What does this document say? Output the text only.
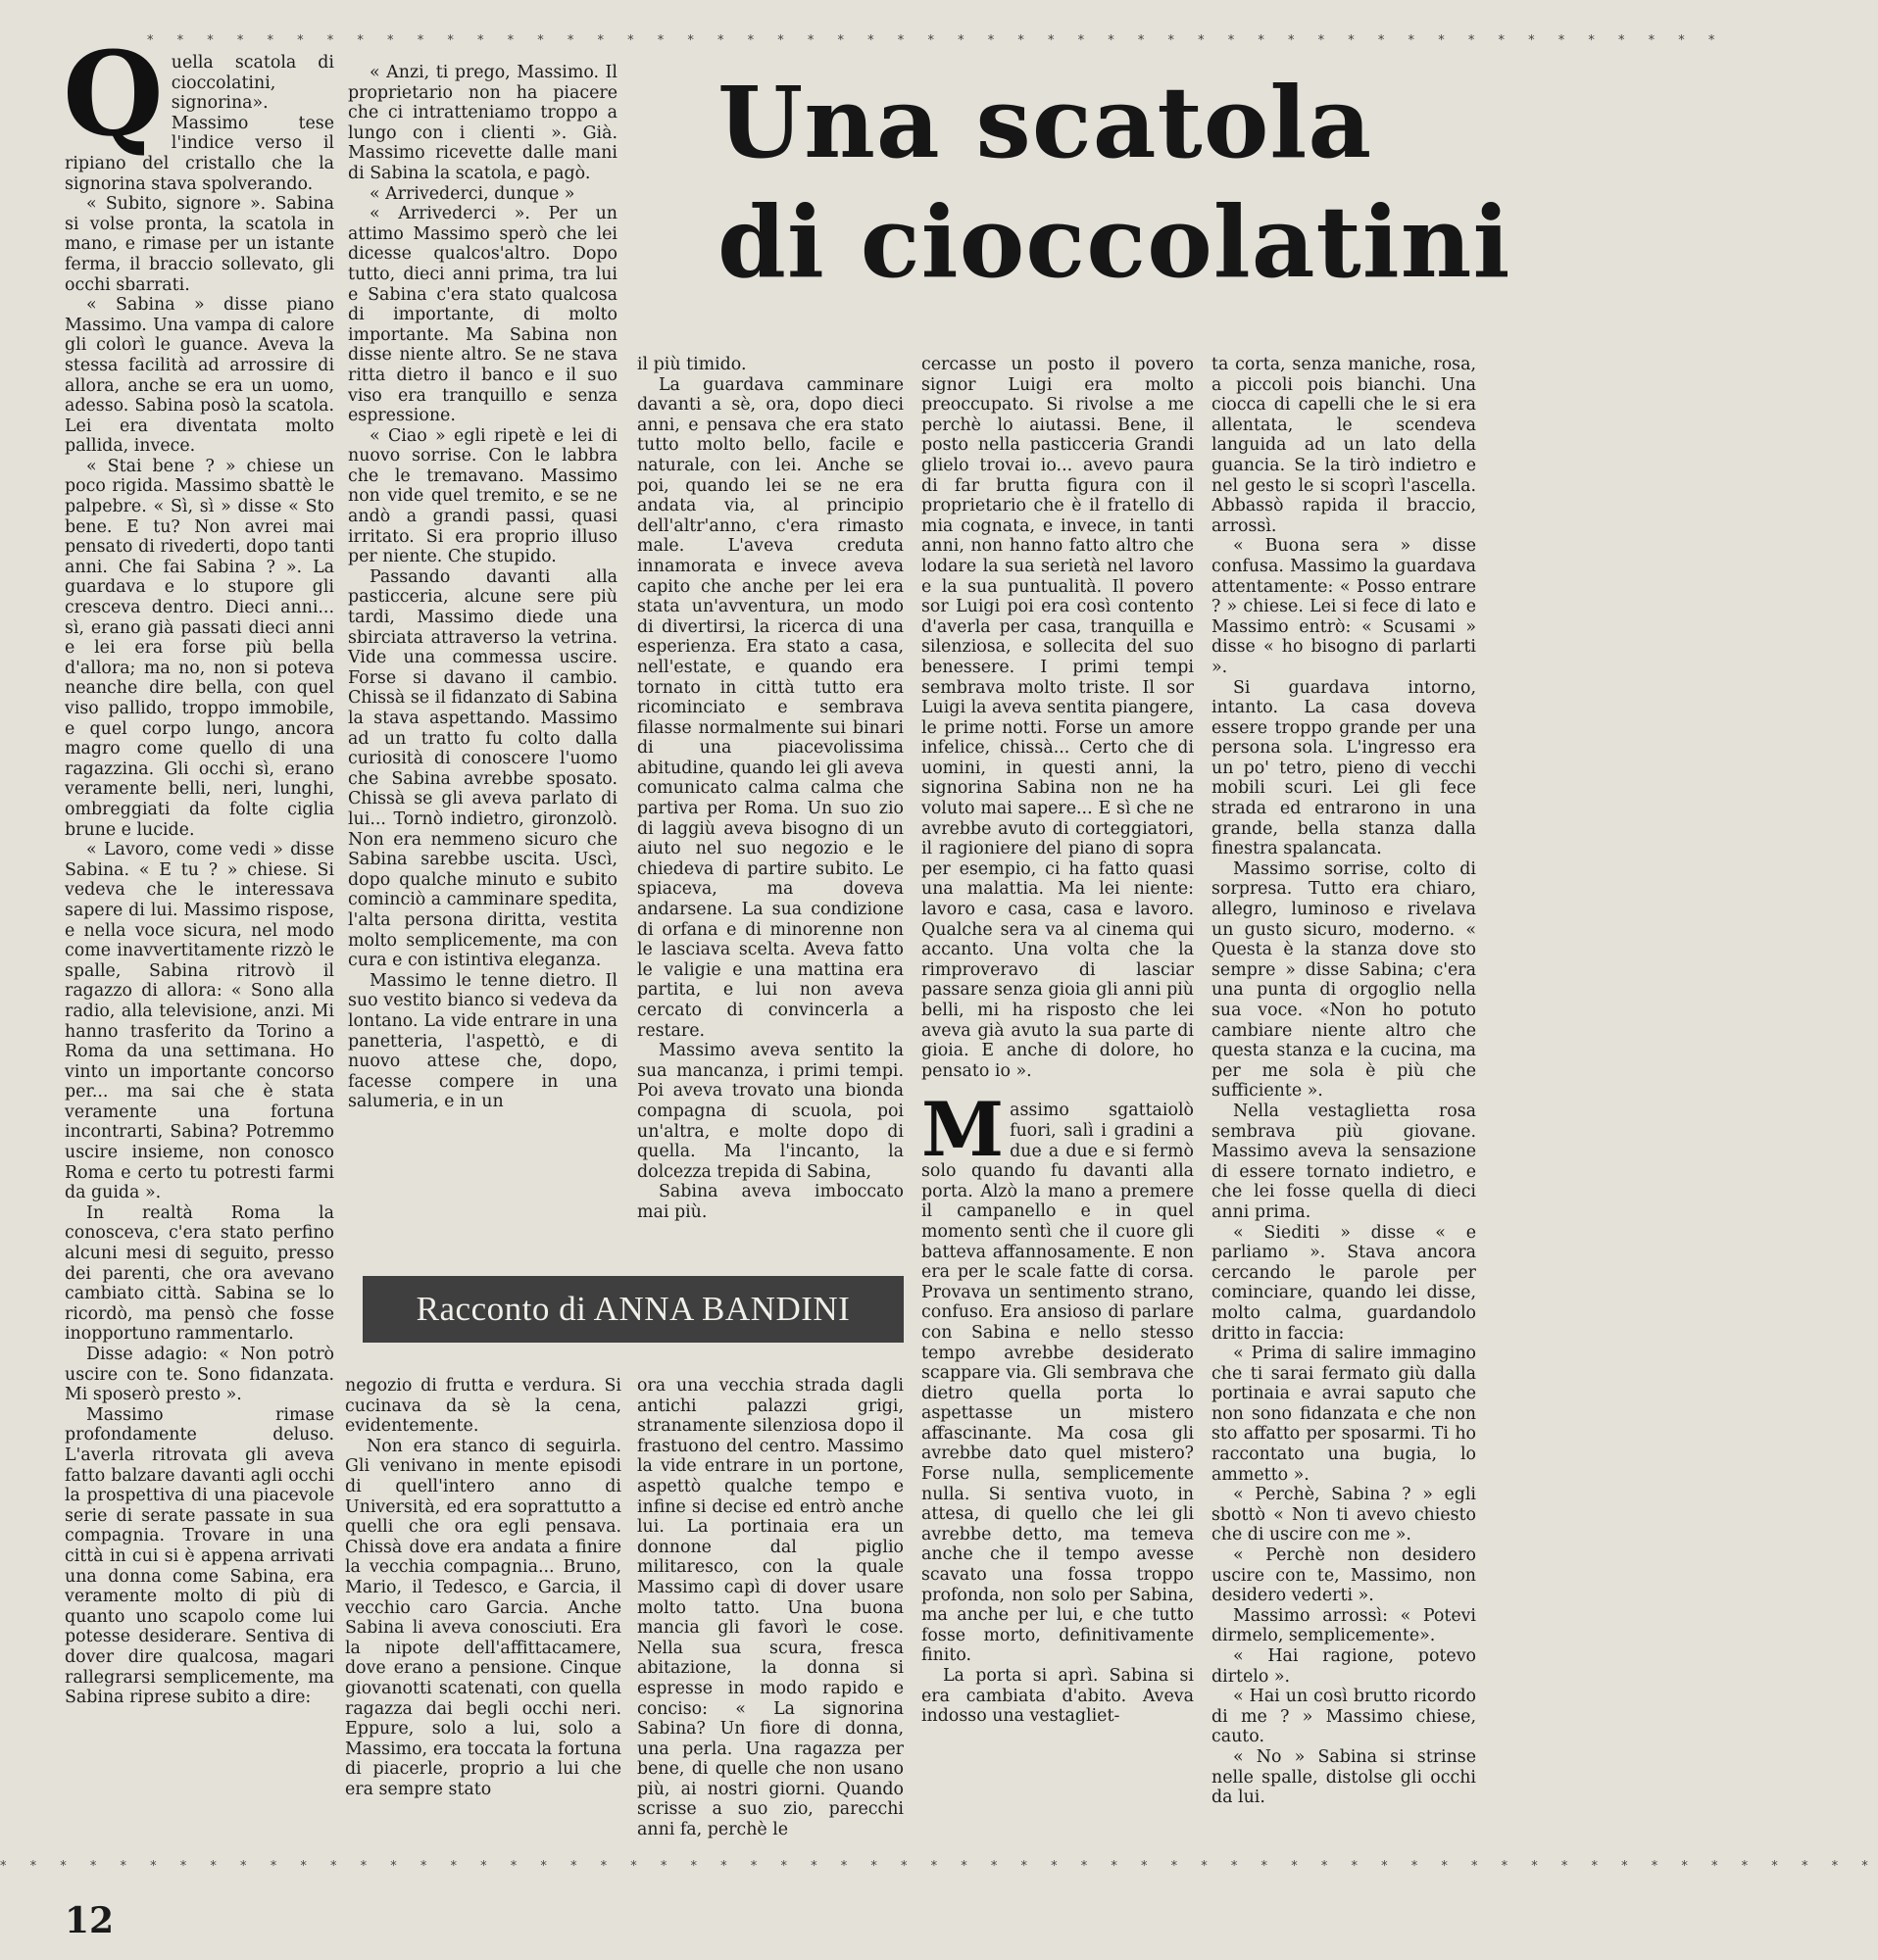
* * * * * * * * * * * * * * * * * * * * * * * * * * * * * * * * * * * * * * * * * * * * * * * * * * * * *
Una scatola
di cioccolatini

Quella scatola di cioccolatini, signorina». Massimo tese l'indice verso il ripiano del cristallo che la signorina stava spolverando.

« Subito, signore ». Sabina si volse pronta, la scatola in mano, e rimase per un istante ferma, il braccio sollevato, gli occhi sbarrati.

« Sabina » disse piano Massimo. Una vampa di calore gli colorì le guance. Aveva la stessa facilità ad arrossire di allora, anche se era un uomo, adesso. Sabina posò la scatola. Lei era diventata molto pallida, invece.

« Stai bene ? » chiese un poco rigida. Massimo sbattè le palpebre. « Sì, sì » disse « Sto bene. E tu? Non avrei mai pensato di rivederti, dopo tanti anni. Che fai Sabina ? ». La guardava e lo stupore gli cresceva dentro. Dieci anni... sì, erano già passati dieci anni e lei era forse più bella d'allora; ma no, non si poteva neanche dire bella, con quel viso pallido, troppo immobile, e quel corpo lungo, ancora magro come quello di una ragazzina. Gli occhi sì, erano veramente belli, neri, lunghi, ombreggiati da folte ciglia brune e lucide.

« Lavoro, come vedi » disse Sabina. « E tu ? » chiese. Si vedeva che le interessava sapere di lui. Massimo rispose, e nella voce sicura, nel modo come inavvertitamente rizzò le spalle, Sabina ritrovò il ragazzo di allora: « Sono alla radio, alla televisione, anzi. Mi hanno trasferito da Torino a Roma da una settimana. Ho vinto un importante concorso per... ma sai che è stata veramente una fortuna incontrarti, Sabina? Potremmo uscire insieme, non conosco Roma e certo tu potresti farmi da guida ».

In realtà Roma la conosceva, c'era stato perfino alcuni mesi di seguito, presso dei parenti, che ora avevano cambiato città. Sabina se lo ricordò, ma pensò che fosse inopportuno rammentarlo.

Disse adagio: « Non potrò uscire con te. Sono fidanzata. Mi sposerò presto ».

Massimo rimase profondamente deluso. L'averla ritrovata gli aveva fatto balzare davanti agli occhi la prospettiva di una piacevole serie di serate passate in sua compagnia. Trovare in una città in cui si è appena arrivati una donna come Sabina, era veramente molto di più di quanto uno scapolo come lui potesse desiderare. Sentiva di dover dire qualcosa, magari rallegrarsi semplicemente, ma Sabina riprese subito a dire:

« Anzi, ti prego, Massimo. Il proprietario non ha piacere che ci intratteniamo troppo a lungo con i clienti ». Già. Massimo ricevette dalle mani di Sabina la scatola, e pagò.

« Arrivederci, dunque »

« Arrivederci ». Per un attimo Massimo sperò che lei dicesse qualcos'altro. Dopo tutto, dieci anni prima, tra lui e Sabina c'era stato qualcosa di importante, di molto importante. Ma Sabina non disse niente altro. Se ne stava ritta dietro il banco e il suo viso era tranquillo e senza espressione.

« Ciao » egli ripetè e lei di nuovo sorrise. Con le labbra che le tremavano. Massimo non vide quel tremito, e se ne andò a grandi passi, quasi irritato. Si era proprio illuso per niente. Che stupido.

Passando davanti alla pasticceria, alcune sere più tardi, Massimo diede una sbirciata attraverso la vetrina. Vide una commessa uscire. Forse si davano il cambio. Chissà se il fidanzato di Sabina la stava aspettando. Massimo ad un tratto fu colto dalla curiosità di conoscere l'uomo che Sabina avrebbe sposato. Chissà se gli aveva parlato di lui... Tornò indietro, gironzolò. Non era nemmeno sicuro che Sabina sarebbe uscita. Uscì, dopo qualche minuto e subito cominciò a camminare spedita, l'alta persona diritta, vestita molto semplicemente, ma con cura e con istintiva eleganza.

Massimo le tenne dietro. Il suo vestito bianco si vedeva da lontano. La vide entrare in una panetteria, l'aspettò, e di nuovo attese che, dopo, facesse compere in una salumeria, e in un

il più timido.

La guardava camminare davanti a sè, ora, dopo dieci anni, e pensava che era stato tutto molto bello, facile e naturale, con lei. Anche se poi, quando lei se ne era andata via, al principio dell'altr'anno, c'era rimasto male. L'aveva creduta innamorata e invece aveva capito che anche per lei era stata un'avventura, un modo di divertirsi, la ricerca di una esperienza. Era stato a casa, nell'estate, e quando era tornato in città tutto era ricominciato e sembrava filasse normalmente sui binari di una piacevolissima abitudine, quando lei gli aveva comunicato calma calma che partiva per Roma. Un suo zio di laggiù aveva bisogno di un aiuto nel suo negozio e le chiedeva di partire subito. Le spiaceva, ma doveva andarsene. La sua condizione di orfana e di minorenne non le lasciava scelta. Aveva fatto le valigie e una mattina era partita, e lui non aveva cercato di convincerla a restare.

Massimo aveva sentito la sua mancanza, i primi tempi. Poi aveva trovato una bionda compagna di scuola, poi un'altra, e molte dopo di quella. Ma l'incanto, la dolcezza trepida di Sabina,

Sabina aveva imboccato mai più.

Racconto di ANNA BANDINI

negozio di frutta e verdura. Si cucinava da sè la cena, evidentemente.

Non era stanco di seguirla. Gli venivano in mente episodi di quell'intero anno di Università, ed era soprattutto a quelli che ora egli pensava. Chissà dove era andata a finire la vecchia compagnia... Bruno, Mario, il Tedesco, e Garcia, il vecchio caro Garcia. Anche Sabina li aveva conosciuti. Era la nipote dell'affittacamere, dove erano a pensione. Cinque giovanotti scatenati, con quella ragazza dai begli occhi neri. Eppure, solo a lui, solo a Massimo, era toccata la fortuna di piacerle, proprio a lui che era sempre stato

ora una vecchia strada dagli antichi palazzi grigi, stranamente silenziosa dopo il frastuono del centro. Massimo la vide entrare in un portone, aspettò qualche tempo e infine si decise ed entrò anche lui. La portinaia era un donnone dal piglio militaresco, con la quale Massimo capì di dover usare molto tatto. Una buona mancia gli favorì le cose. Nella sua scura, fresca abitazione, la donna si espresse in modo rapido e conciso: « La signorina Sabina? Un fiore di donna, una perla. Una ragazza per bene, di quelle che non usano più, ai nostri giorni. Quando scrisse a suo zio, parecchi anni fa, perchè le

cercasse un posto il povero signor Luigi era molto preoccupato. Si rivolse a me perchè lo aiutassi. Bene, il posto nella pasticceria Grandi glielo trovai io... avevo paura di far brutta figura con il proprietario che è il fratello di mia cognata, e invece, in tanti anni, non hanno fatto altro che lodare la sua serietà nel lavoro e la sua puntualità. Il povero sor Luigi poi era così contento d'averla per casa, tranquilla e silenziosa, e sollecita del suo benessere. I primi tempi sembrava molto triste. Il sor Luigi la aveva sentita piangere, le prime notti. Forse un amore infelice, chissà... Certo che di uomini, in questi anni, la signorina Sabina non ne ha voluto mai sapere... E sì che ne avrebbe avuto di corteggiatori, il ragioniere del piano di sopra per esempio, ci ha fatto quasi una malattia. Ma lei niente: lavoro e casa, casa e lavoro. Qualche sera va al cinema qui accanto. Una volta che la rimproveravo di lasciar passare senza gioia gli anni più belli, mi ha risposto che lei aveva già avuto la sua parte di gioia. E anche di dolore, ho pensato io ».

Massimo sgattaiolò fuori, salì i gradini a due a due e si fermò solo quando fu davanti alla porta. Alzò la mano a premere il campanello e in quel momento sentì che il cuore gli batteva affannosamente. E non era per le scale fatte di corsa. Provava un sentimento strano, confuso. Era ansioso di parlare con Sabina e nello stesso tempo avrebbe desiderato scappare via. Gli sembrava che dietro quella porta lo aspettasse un mistero affascinante. Ma cosa gli avrebbe dato quel mistero? Forse nulla, semplicemente nulla. Si sentiva vuoto, in attesa, di quello che lei gli avrebbe detto, ma temeva anche che il tempo avesse scavato una fossa troppo profonda, non solo per Sabina, ma anche per lui, e che tutto fosse morto, definitivamente finito.

La porta si aprì. Sabina si era cambiata d'abito. Aveva indosso una vestagliet-

ta corta, senza maniche, rosa, a piccoli pois bianchi. Una ciocca di capelli che le si era allentata, le scendeva languida ad un lato della guancia. Se la tirò indietro e nel gesto le si scoprì l'ascella. Abbassò rapida il braccio, arrossì.

« Buona sera » disse confusa. Massimo la guardava attentamente: « Posso entrare ? » chiese. Lei si fece di lato e Massimo entrò: « Scusami » disse « ho bisogno di parlarti ».

Si guardava intorno, intanto. La casa doveva essere troppo grande per una persona sola. L'ingresso era un po' tetro, pieno di vecchi mobili scuri. Lei gli fece strada ed entrarono in una grande, bella stanza dalla finestra spalancata.

Massimo sorrise, colto di sorpresa. Tutto era chiaro, allegro, luminoso e rivelava un gusto sicuro, moderno. « Questa è la stanza dove sto sempre » disse Sabina; c'era una punta di orgoglio nella sua voce. «Non ho potuto cambiare niente altro che questa stanza e la cucina, ma per me sola è più che sufficiente ».

Nella vestaglietta rosa sembrava più giovane. Massimo aveva la sensazione di essere tornato indietro, e che lei fosse quella di dieci anni prima.

« Siediti » disse « e parliamo ». Stava ancora cercando le parole per cominciare, quando lei disse, molto calma, guardandolo dritto in faccia:

« Prima di salire immagino che ti sarai fermato giù dalla portinaia e avrai saputo che non sono fidanzata e che non sto affatto per sposarmi. Ti ho raccontato una bugia, lo ammetto ».

« Perchè, Sabina ? » egli sbottò « Non ti avevo chiesto che di uscire con me ».

« Perchè non desidero uscire con te, Massimo, non desidero vederti ».

Massimo arrossì: « Potevi dirmelo, semplicemente».

« Hai ragione, potevo dirtelo ».

« Hai un così brutto ricordo di me ? » Massimo chiese, cauto.

« No » Sabina si strinse nelle spalle, distolse gli occhi da lui.

* * * * * * * * * * * * * * * * * * * * * * * * * * * * * * * * * * * * * * * * * * * * * * * * * * * * * * * * * * * * * * *
12
